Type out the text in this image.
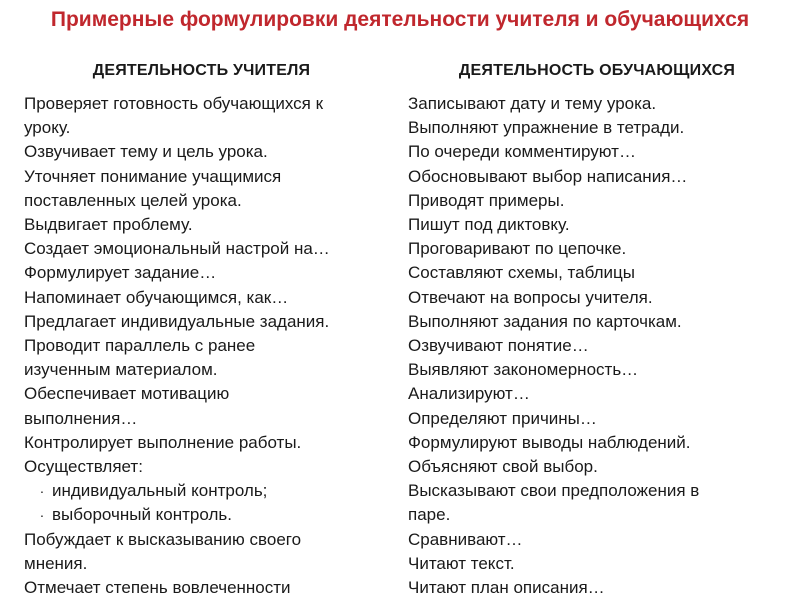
Примерные формулировки деятельности учителя и обучающихся
ДЕЯТЕЛЬНОСТЬ УЧИТЕЛЯ
Проверяет готовность обучающихся к
уроку.
Озвучивает тему и цель урока.
Уточняет понимание учащимися
поставленных целей урока.
Выдвигает проблему.
Создает эмоциональный настрой на…
Формулирует задание…
Напоминает обучающимся, как…
Предлагает индивидуальные задания.
Проводит параллель с ранее
изученным материалом.
Обеспечивает мотивацию
выполнения…
Контролирует выполнение работы.
Осуществляет:
· индивидуальный контроль;
· выборочный контроль.
Побуждает к высказыванию своего
мнения.
Отмечает степень вовлеченности
ДЕЯТЕЛЬНОСТЬ ОБУЧАЮЩИХСЯ
Записывают дату и тему урока.
Выполняют упражнение в тетради.
По очереди комментируют…
Обосновывают выбор написания…
Приводят примеры.
Пишут под диктовку.
Проговаривают по цепочке.
Составляют схемы, таблицы
Отвечают на вопросы учителя.
Выполняют задания по карточкам.
Озвучивают понятие…
Выявляют закономерность…
Анализируют…
Определяют причины…
Формулируют выводы наблюдений.
Объясняют свой выбор.
Высказывают свои предположения в
паре.
Сравнивают…
Читают текст.
Читают план описания…
